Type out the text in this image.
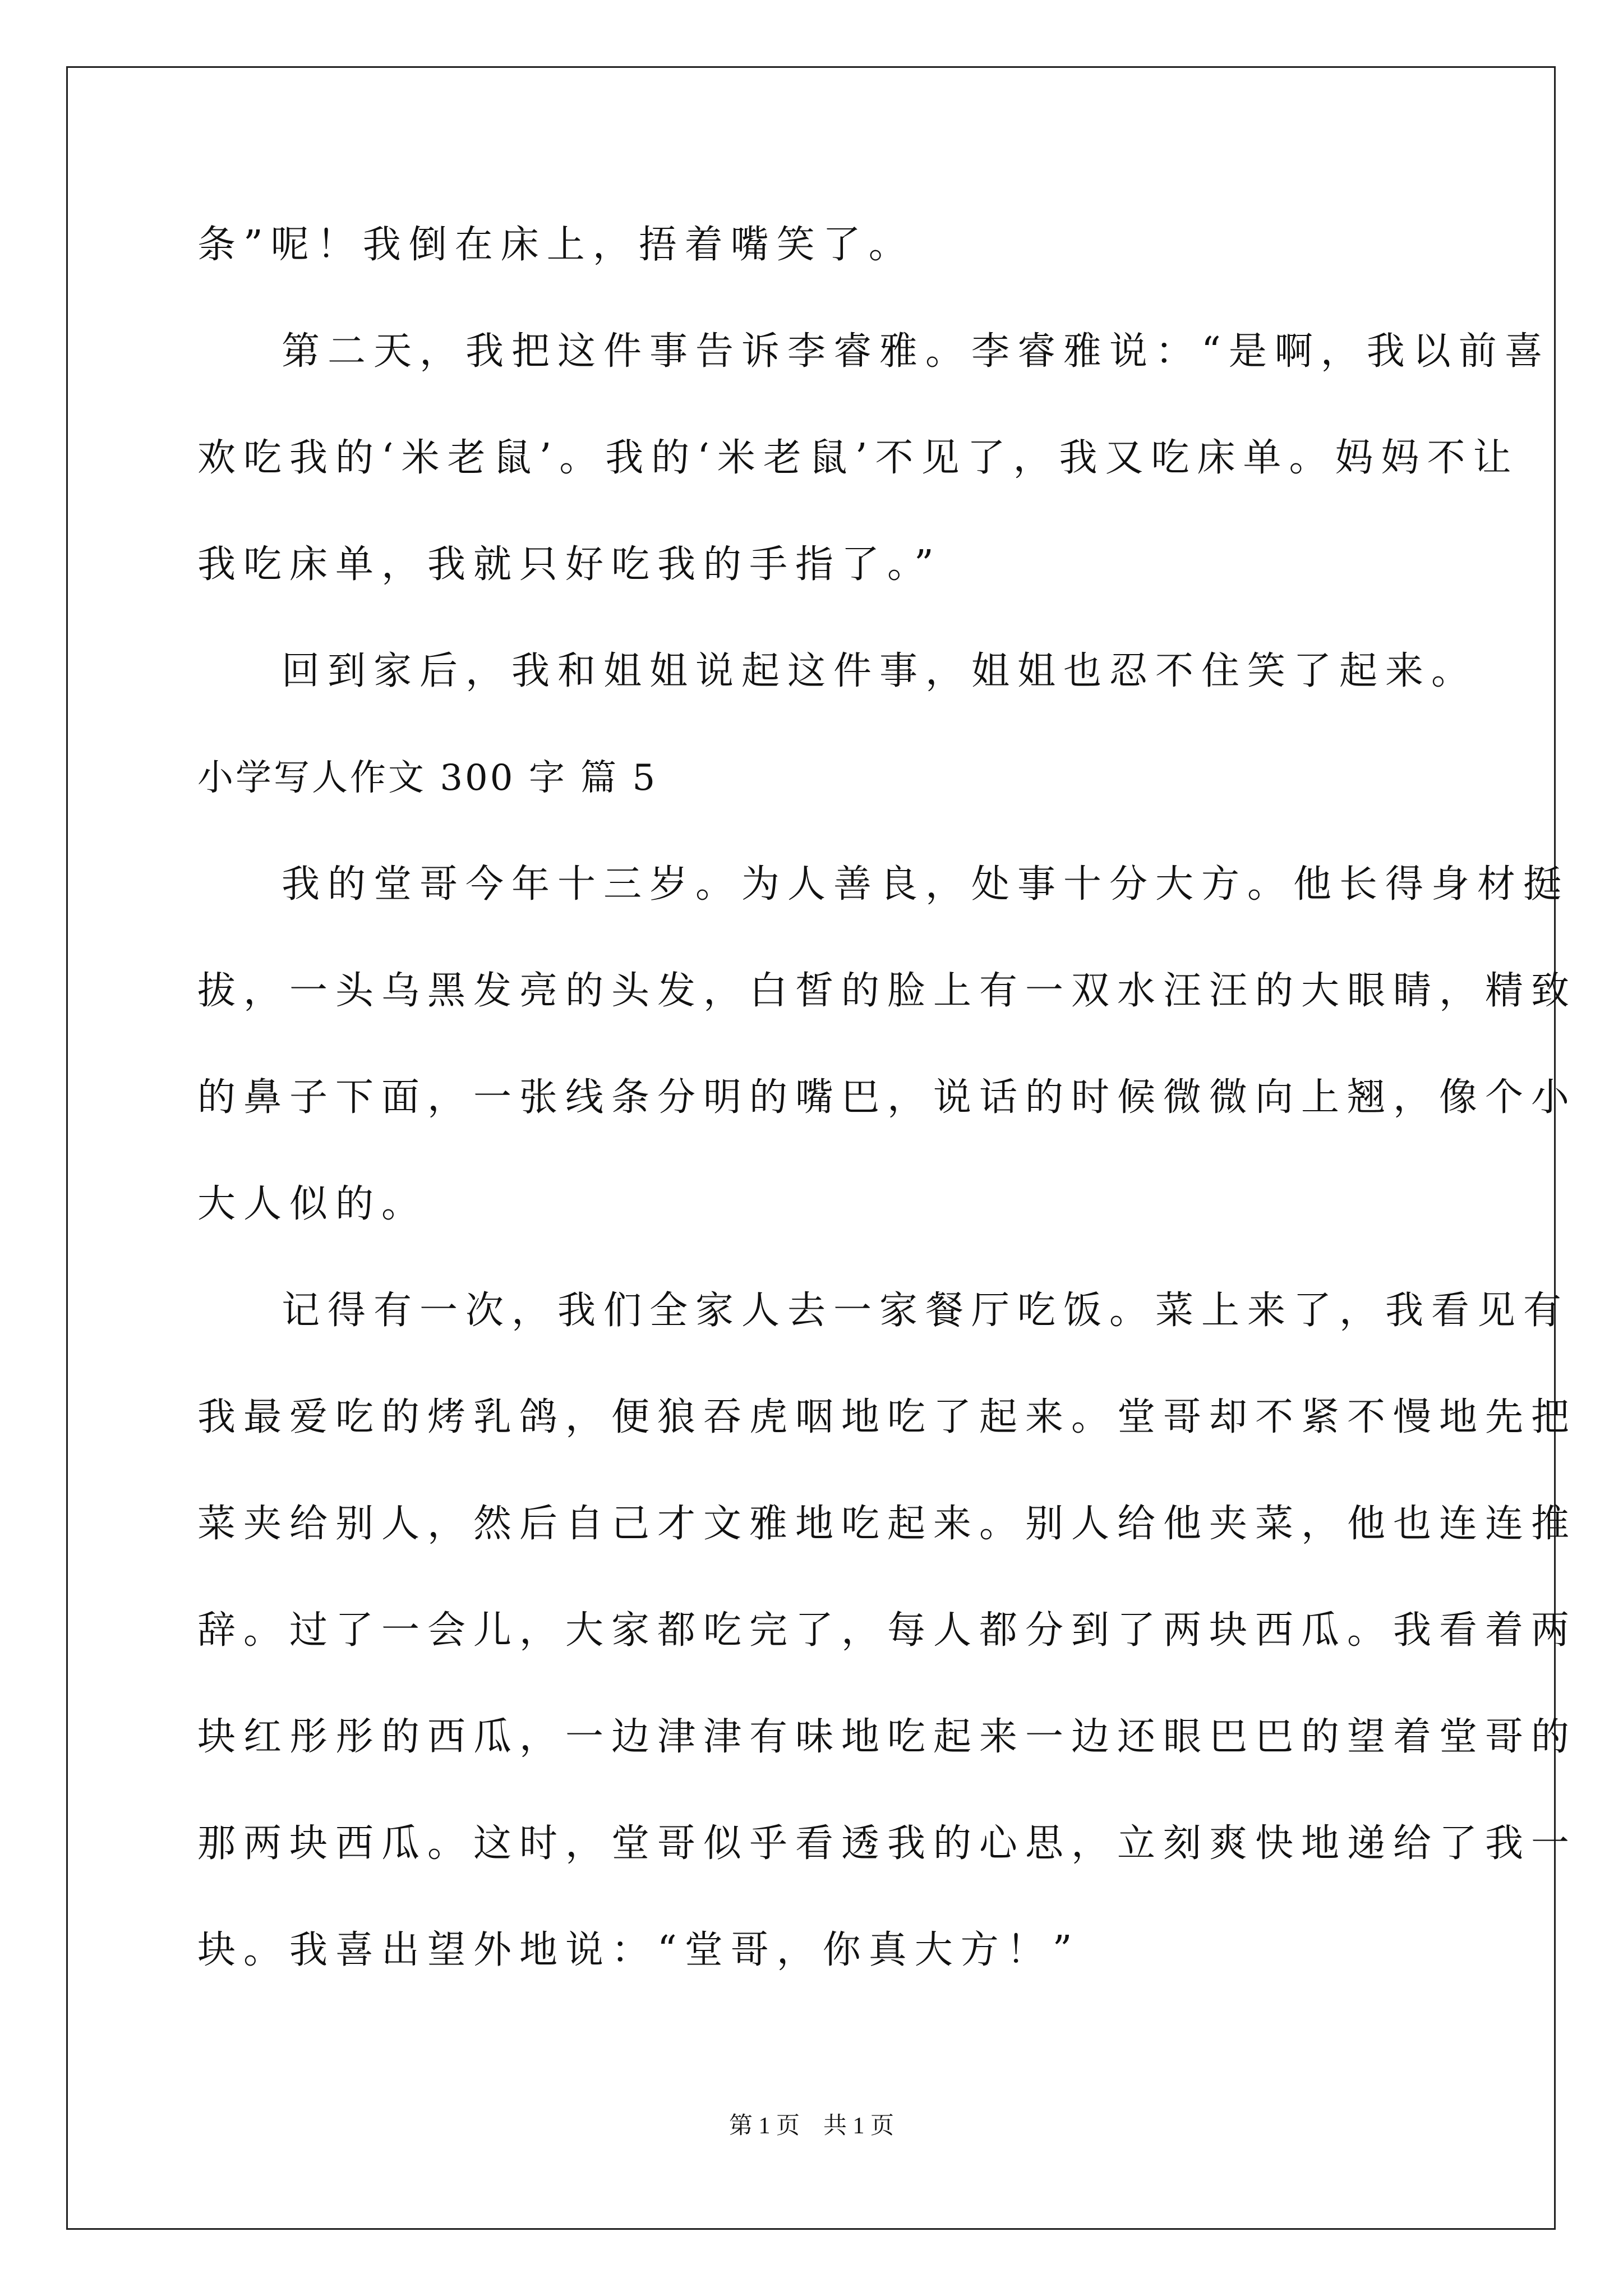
条”呢！我倒在床上，捂着嘴笑了。
第二天，我把这件事告诉李睿雅。李睿雅说：“是啊，我以前喜
欢吃我的‘米老鼠’。我的‘米老鼠’不见了，我又吃床单。妈妈不让
我吃床单，我就只好吃我的手指了。”
回到家后，我和姐姐说起这件事，姐姐也忍不住笑了起来。
小学写人作文 300 字 篇 5
我的堂哥今年十三岁。为人善良，处事十分大方。他长得身材挺
拔，一头乌黑发亮的头发，白皙的脸上有一双水汪汪的大眼睛，精致
的鼻子下面，一张线条分明的嘴巴，说话的时候微微向上翘，像个小
大人似的。
记得有一次，我们全家人去一家餐厅吃饭。菜上来了，我看见有
我最爱吃的烤乳鸽，便狼吞虎咽地吃了起来。堂哥却不紧不慢地先把
菜夹给别人，然后自己才文雅地吃起来。别人给他夹菜，他也连连推
辞。过了一会儿，大家都吃完了，每人都分到了两块西瓜。我看着两
块红彤彤的西瓜，一边津津有味地吃起来一边还眼巴巴的望着堂哥的
那两块西瓜。这时，堂哥似乎看透我的心思，立刻爽快地递给了我一
块。我喜出望外地说：“堂哥，你真大方！”
第 1 页　共 1 页
